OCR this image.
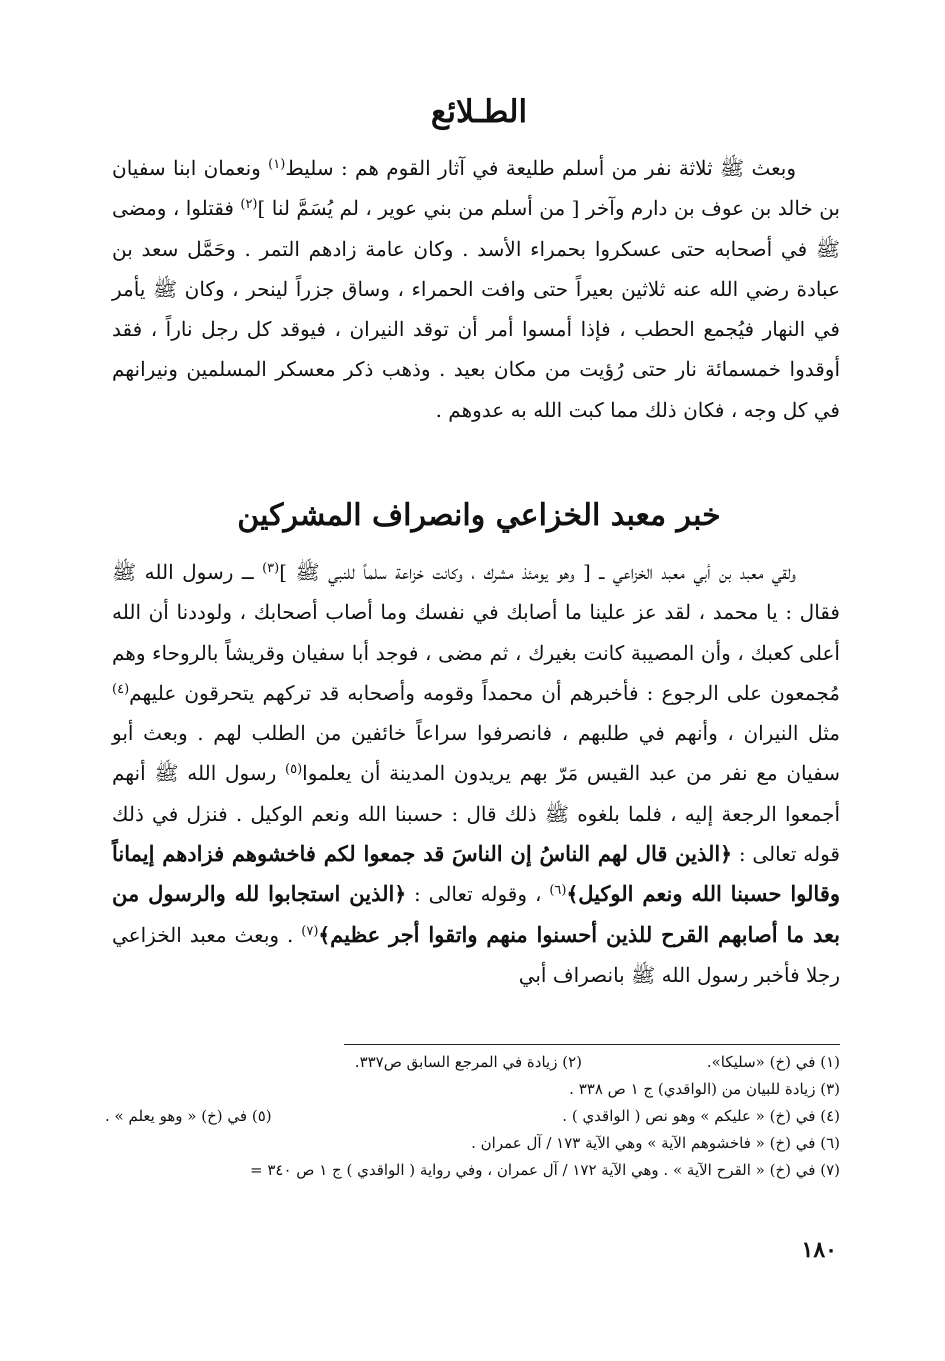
الطـلائع

وبعث ﷺ ثلاثة نفر من أسلم طليعة في آثار القوم هم : سليط$^{(١)}$ ونعمان ابنا سفيان بن خالد بن عوف بن دارم وآخر [ من أسلم من بني عوير ، لم يُسَمَّ لنا ]$^{(٢)}$ فقتلوا ، ومضى ﷺ في أصحابه حتى عسكروا بحمراء الأسد . وكان عامة زادهم التمر . وحَمَّل سعد بن عبادة رضي الله عنه ثلاثين بعيراً حتى وافت الحمراء ، وساق جزراً لينحر ، وكان ﷺ يأمر في النهار فيُجمع الحطب ، فإذا أمسوا أمر أن توقد النيران ، فيوقد كل رجل ناراً ، فقد أوقدوا خمسمائة نار حتى رُؤيت من مكان بعيد . وذهب ذكر معسكر المسلمين ونيرانهم في كل وجه ، فكان ذلك مما كبت الله به عدوهم .

خبر معبد الخزاعي وانصراف المشركين

ولقي معبد بن أبي معبد الخزاعي ــ [ وهو يومئذ مشرك ، وكانت خزاعة سلماً للنبي ﷺ ]$^{(٣)}$ ــ رسول الله ﷺ فقال : يا محمد ، لقد عز علينا ما أصابك في نفسك وما أصاب أصحابك ، ولوددنا أن الله أعلى كعبك ، وأن المصيبة كانت بغيرك ، ثم مضى ، فوجد أبا سفيان وقريشاً بالروحاء وهم مُجمعون على الرجوع : فأخبرهم أن محمداً وقومه وأصحابه قد تركهم يتحرقون عليهم$^{(٤)}$ مثل النيران ، وأنهم في طلبهم ، فانصرفوا سراعاً خائفين من الطلب لهم . وبعث أبو سفيان مع نفر من عبد القيس مَرّ بهم يريدون المدينة أن يعلموا$^{(٥)}$ رسول الله ﷺ أنهم أجمعوا الرجعة إليه ، فلما بلغوه ﷺ ذلك قال : حسبنا الله ونعم الوكيل . فنزل في ذلك قوله تعالى : ﴿الذين قال لهم الناسُ إن الناسَ قد جمعوا لكم فاخشوهم فزادهم إيماناً وقالوا حسبنا الله ونعم الوكيل﴾$^{(٦)}$ ، وقوله تعالى : ﴿الذين استجابوا لله والرسول من بعد ما أصابهم القرح للذين أحسنوا منهم واتقوا أجر عظيم﴾$^{(٧)}$ . وبعث معبد الخزاعي رجلا فأخبر رسول الله ﷺ بانصراف أبي

(١) في (خ) «سليكا».
(٢) زيادة في المرجع السابق ص٣٣٧.
(٣) زيادة للبيان من (الواقدي) ج ١ ص ٣٣٨ .
(٤) في (خ) « عليكم » وهو نص ( الواقدي ) .
(٥) في (خ) « وهو يعلم » .
(٦) في (خ) « فاخشوهم الآية » وهي الآية ١٧٣ / آل عمران .
(٧) في (خ) « القرح الآية » . وهي الآية ١٧٢ / آل عمران ، وفي رواية ( الواقدي ) ج ١ ص ٣٤٠ =
١٨٠
